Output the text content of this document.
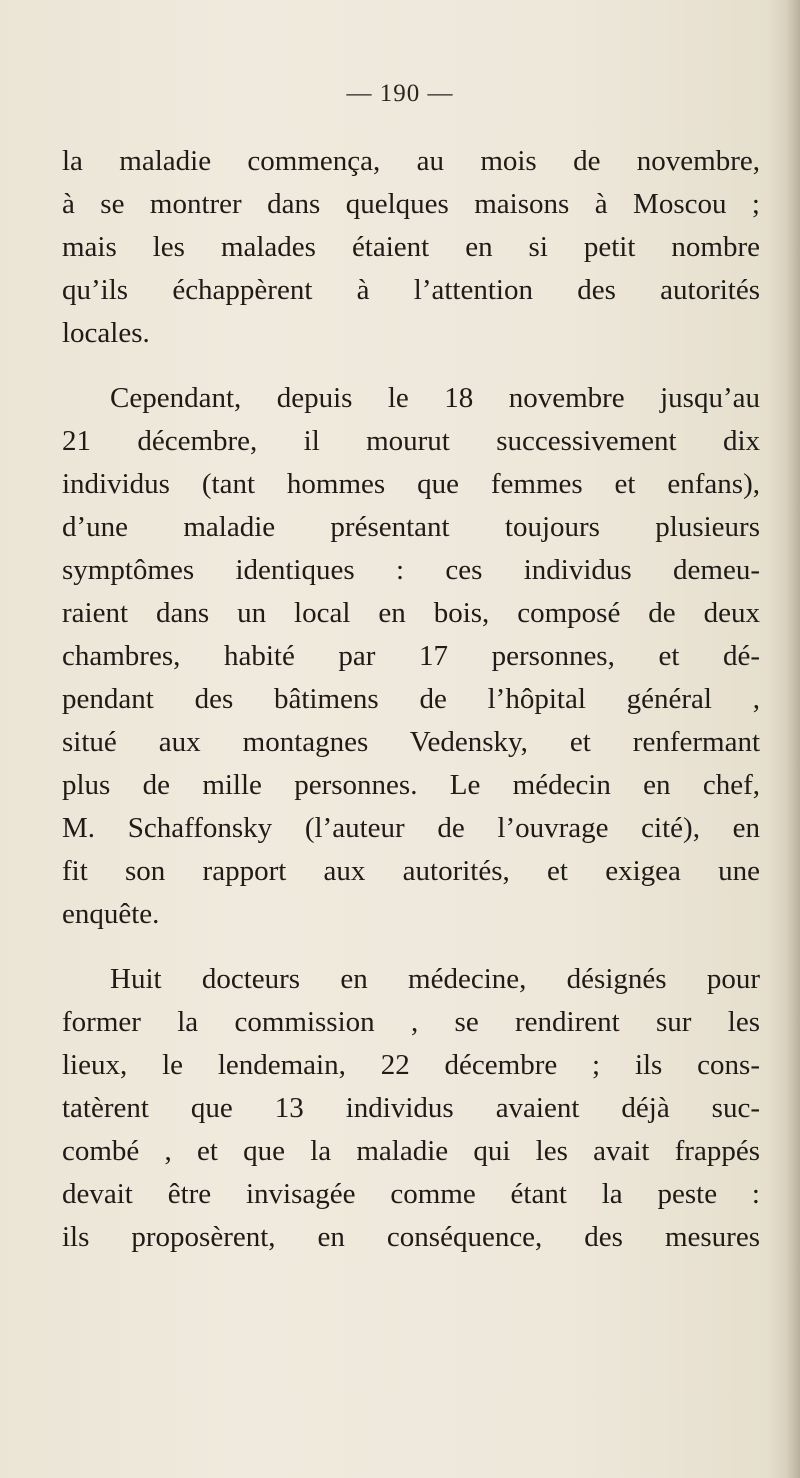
— 190 —

la maladie commença, au mois de novembre,
à se montrer dans quelques maisons à Moscou ;
mais les malades étaient en si petit nombre
qu’ils échappèrent à l’attention des autorités
locales.

Cependant, depuis le 18 novembre jusqu’au
21 décembre, il mourut successivement dix
individus (tant hommes que femmes et enfans),
d’une maladie présentant toujours plusieurs
symptômes identiques : ces individus demeu-
raient dans un local en bois, composé de deux
chambres, habité par 17 personnes, et dé-
pendant des bâtimens de l’hôpital général ,
situé aux montagnes Vedensky, et renfermant
plus de mille personnes. Le médecin en chef,
M. Schaffonsky (l’auteur de l’ouvrage cité), en
fit son rapport aux autorités, et exigea une
enquête.

Huit docteurs en médecine, désignés pour
former la commission , se rendirent sur les
lieux, le lendemain, 22 décembre ; ils cons-
tatèrent que 13 individus avaient déjà suc-
combé , et que la maladie qui les avait frappés
devait être invisagée comme étant la peste :
ils proposèrent, en conséquence, des mesures
